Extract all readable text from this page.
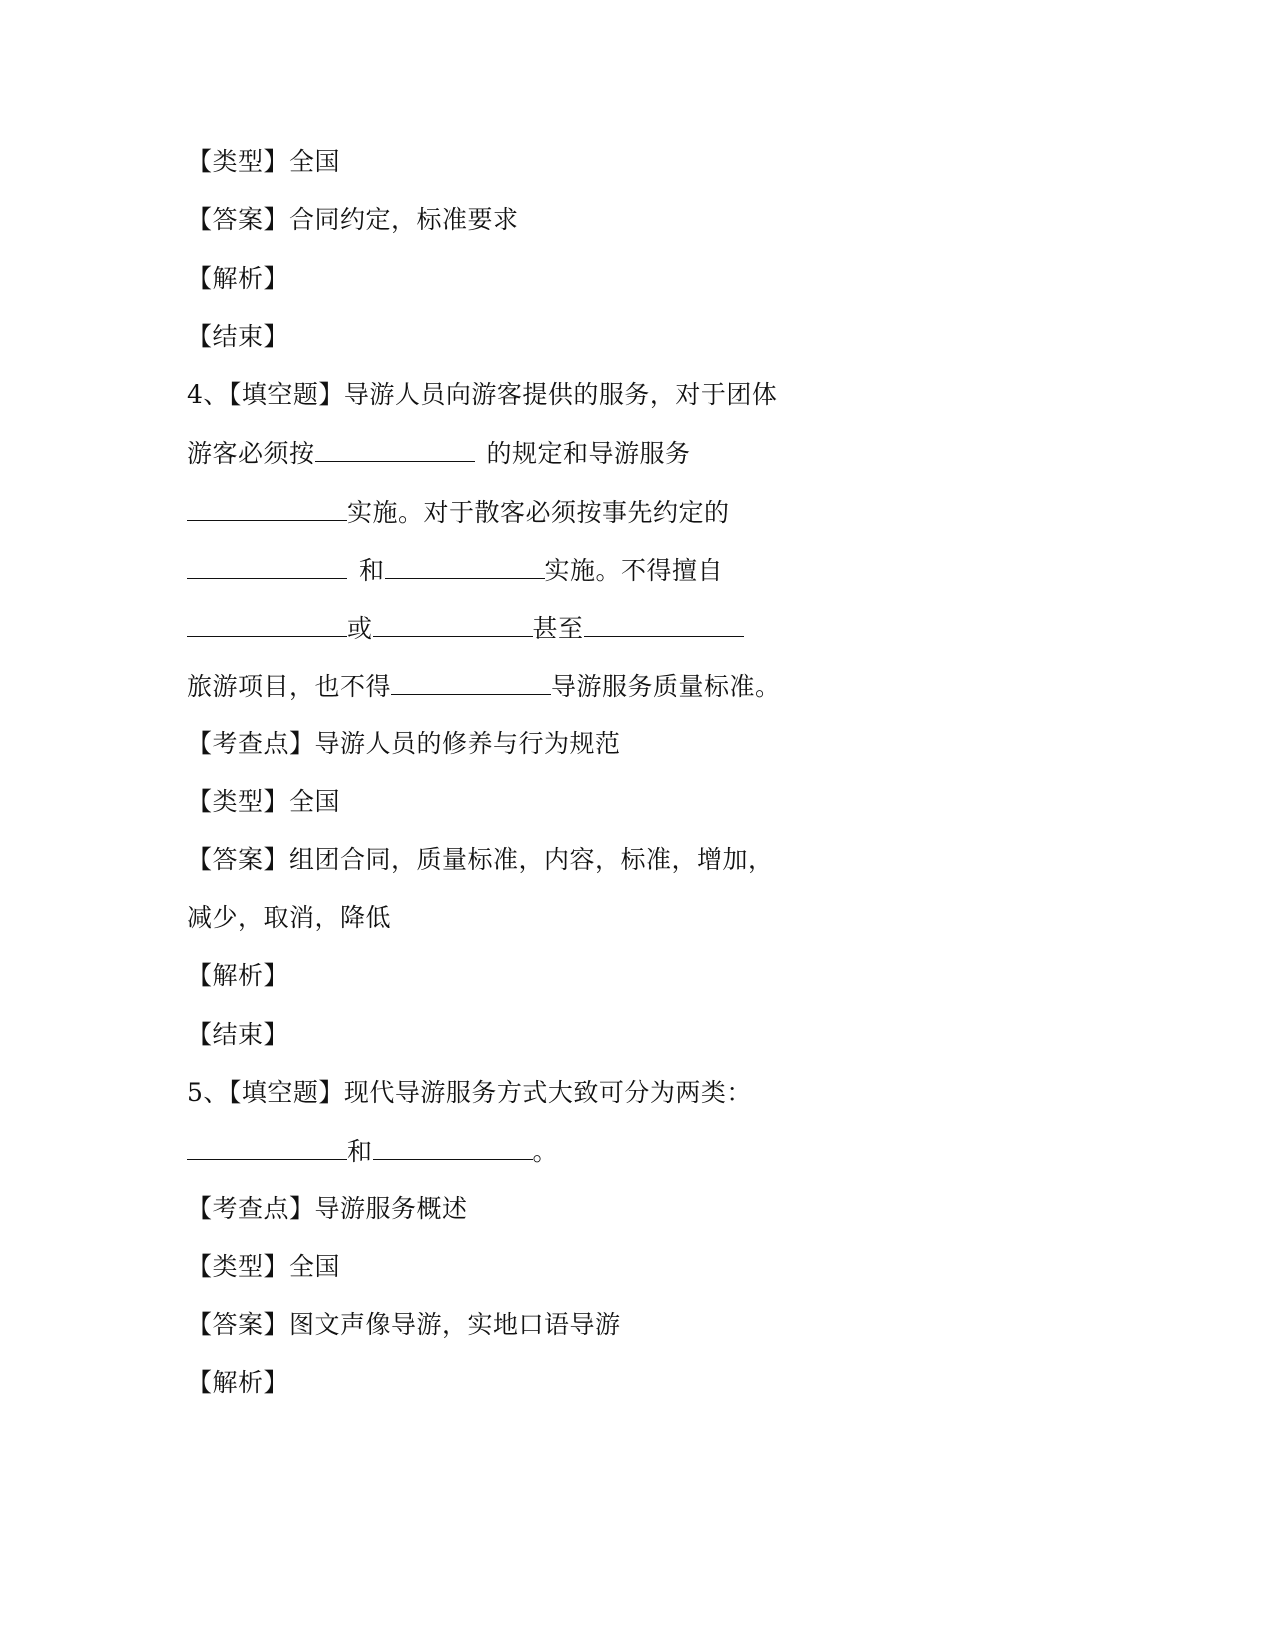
【类型】全国
【答案】合同约定，标准要求
【解析】
【结束】
4、【填空题】导游人员向游客提供的服务，对于团体
游客必须按	的规定和导游服务
实施。对于散客必须按事先约定的
和	实施。不得擅自
或	甚至
旅游项目，也不得	导游服务质量标准。
【考查点】导游人员的修养与行为规范
【类型】全国
【答案】组团合同，质量标准，内容，标准，增加，
减少，取消，降低
【解析】
【结束】
5、【填空题】现代导游服务方式大致可分为两类：
和	。
【考查点】导游服务概述
【类型】全国
【答案】图文声像导游，实地口语导游
【解析】
